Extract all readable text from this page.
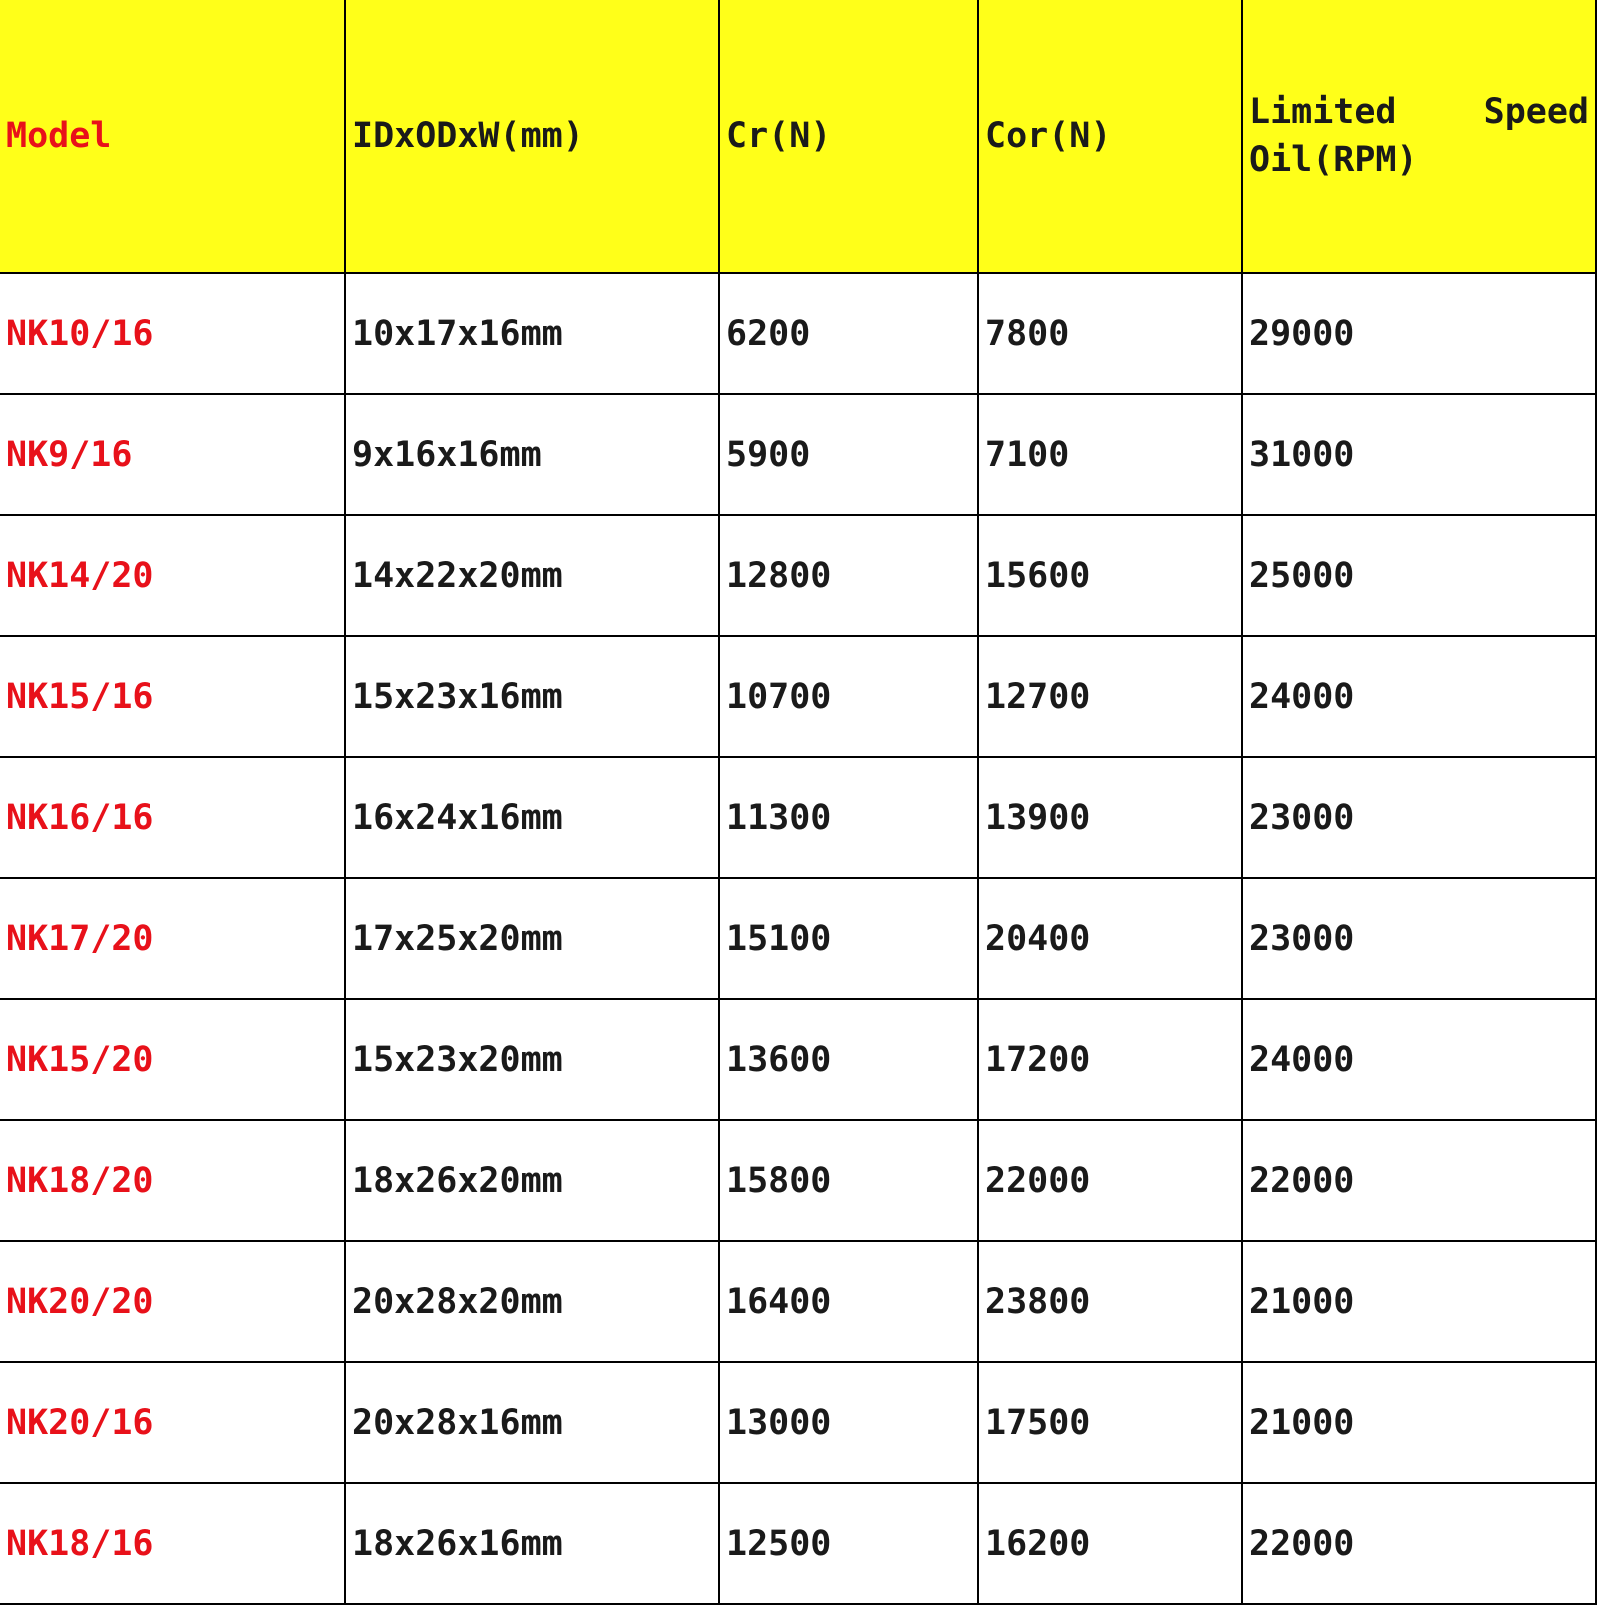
Model	IDxODxW(mm)	Cr(N)	Cor(N)	Limited Speed Oil(RPM)
NK10/16	10x17x16mm	6200	7800	29000
NK9/16	9x16x16mm	5900	7100	31000
NK14/20	14x22x20mm	12800	15600	25000
NK15/16	15x23x16mm	10700	12700	24000
NK16/16	16x24x16mm	11300	13900	23000
NK17/20	17x25x20mm	15100	20400	23000
NK15/20	15x23x20mm	13600	17200	24000
NK18/20	18x26x20mm	15800	22000	22000
NK20/20	20x28x20mm	16400	23800	21000
NK20/16	20x28x16mm	13000	17500	21000
NK18/16	18x26x16mm	12500	16200	22000
